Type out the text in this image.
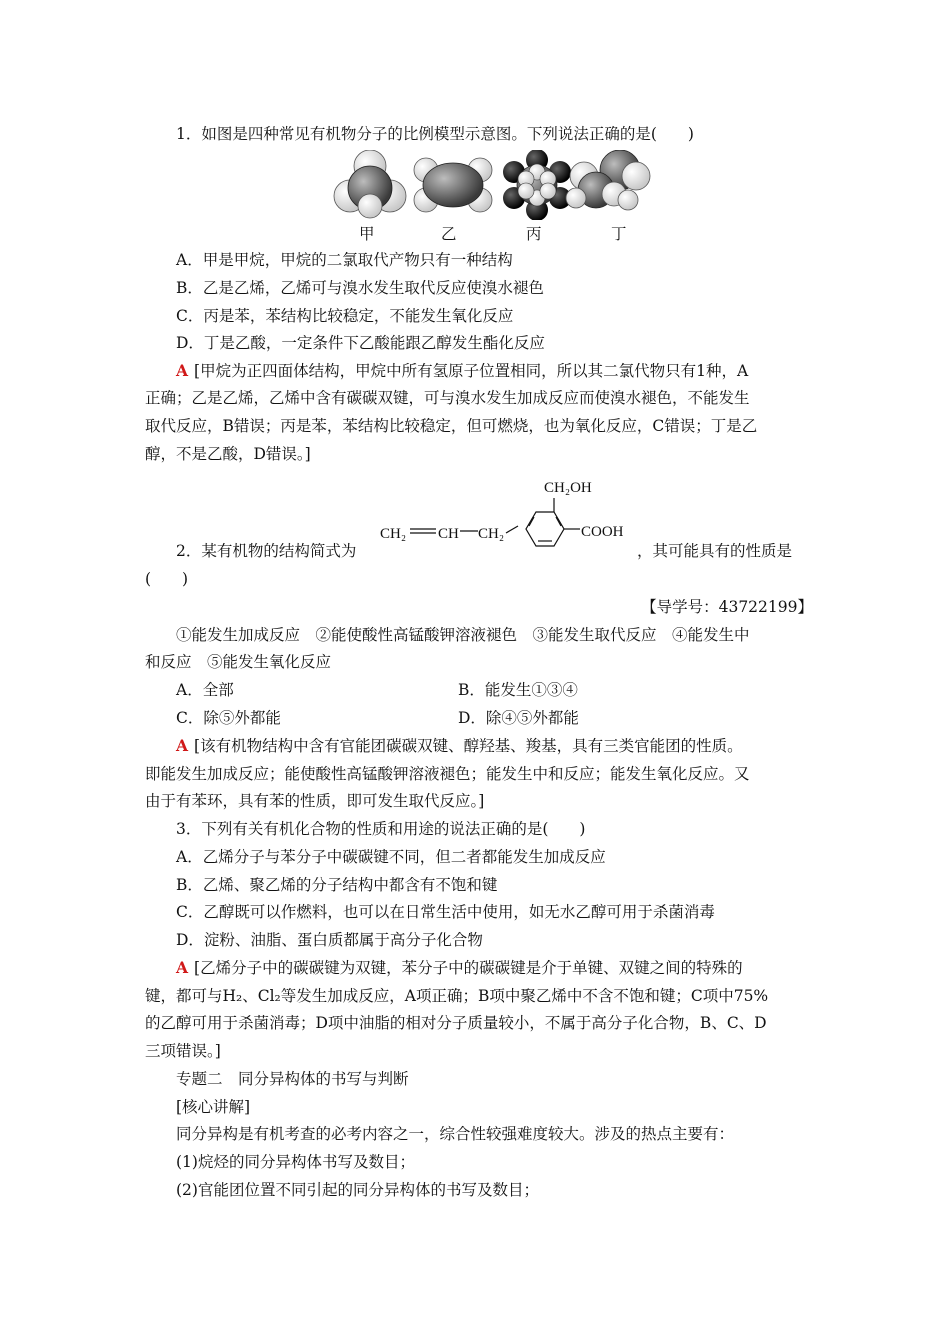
1．如图是四种常见有机物分子的比例模型示意图。下列说法正确的是(　　)
甲	乙	丙	丁
A．甲是甲烷，甲烷的二氯取代产物只有一种结构
B．乙是乙烯，乙烯可与溴水发生取代反应使溴水褪色
C．丙是苯，苯结构比较稳定，不能发生氧化反应
D．丁是乙酸，一定条件下乙酸能跟乙醇发生酯化反应
A [甲烷为正四面体结构，甲烷中所有氢原子位置相同，所以其二氯代物只有1种，A
正确；乙是乙烯，乙烯中含有碳碳双键，可与溴水发生加成反应而使溴水褪色，不能发生
取代反应，B错误；丙是苯，苯结构比较稳定，但可燃烧，也为氧化反应，C错误；丁是乙
醇，不是乙酸，D错误。]
2．某有机物的结构简式为
CH₂OH
CH₂ CH CH₂	COOH
，其可能具有的性质是
(　　)
【导学号：43722199】
①能发生加成反应　②能使酸性高锰酸钾溶液褪色　③能发生取代反应　④能发生中
和反应　⑤能发生氧化反应
A．全部	B．能发生①③④
C．除⑤外都能	D．除④⑤外都能
A [该有机物结构中含有官能团碳碳双键、醇羟基、羧基，具有三类官能团的性质。
即能发生加成反应；能使酸性高锰酸钾溶液褪色；能发生中和反应；能发生氧化反应。又
由于有苯环，具有苯的性质，即可发生取代反应。]
3．下列有关有机化合物的性质和用途的说法正确的是(　　)
A．乙烯分子与苯分子中碳碳键不同，但二者都能发生加成反应
B．乙烯、聚乙烯的分子结构中都含有不饱和键
C．乙醇既可以作燃料，也可以在日常生活中使用，如无水乙醇可用于杀菌消毒
D．淀粉、油脂、蛋白质都属于高分子化合物
A [乙烯分子中的碳碳键为双键，苯分子中的碳碳键是介于单键、双键之间的特殊的
键，都可与H₂、Cl₂等发生加成反应，A项正确；B项中聚乙烯中不含不饱和键；C项中75%
的乙醇可用于杀菌消毒；D项中油脂的相对分子质量较小，不属于高分子化合物，B、C、D
三项错误。]
专题二　同分异构体的书写与判断
[核心讲解]
同分异构是有机考查的必考内容之一，综合性较强难度较大。涉及的热点主要有：
(1)烷烃的同分异构体书写及数目；
(2)官能团位置不同引起的同分异构体的书写及数目；
